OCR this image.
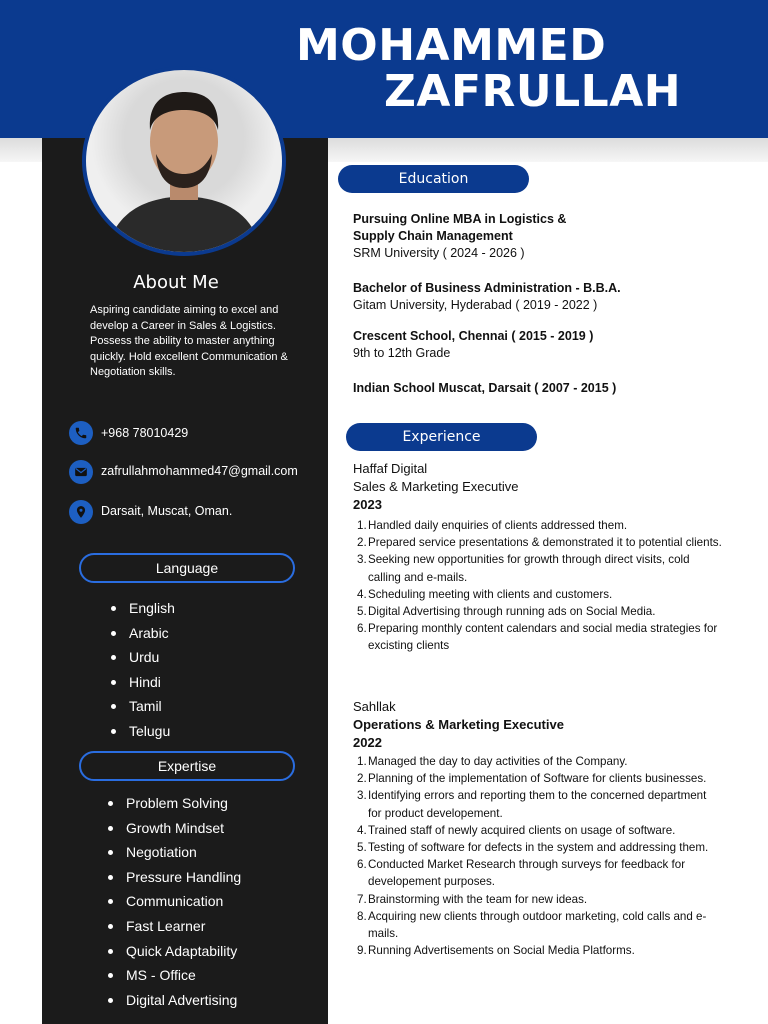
MOHAMMED
ZAFRULLAH
About Me
Aspiring candidate aiming to excel and develop a Career in Sales & Logistics. Possess the ability to master anything quickly. Hold excellent Communication & Negotiation skills.
+968 78010429
zafrullahmohammed47@gmail.com
Darsait, Muscat, Oman.
Language
English
Arabic
Urdu
Hindi
Tamil
Telugu
Expertise
Problem Solving
Growth Mindset
Negotiation
Pressure Handling
Communication
Fast Learner
Quick Adaptability
MS - Office
Digital Advertising
Education
Pursuing Online MBA in Logistics &
Supply Chain Management
SRM University ( 2024 - 2026 )
Bachelor of Business Administration - B.B.A.
Gitam University, Hyderabad ( 2019 - 2022 )
Crescent School, Chennai ( 2015 - 2019 )
9th to 12th Grade
Indian School Muscat, Darsait ( 2007 - 2015 )
Experience
Haffaf Digital
Sales & Marketing Executive
2023
1. Handled daily enquiries of clients addressed them.
2. Prepared service presentations & demonstrated it to potential clients.
3. Seeking new opportunities for growth through direct visits, cold calling and e-mails.
4. Scheduling meeting with clients and customers.
5. Digital Advertising through running ads on Social Media.
6. Preparing monthly content calendars and social media strategies for excisting clients
Sahllak
Operations & Marketing Executive
2022
1. Managed the day to day activities of the Company.
2. Planning of the implementation of Software for clients businesses.
3. Identifying errors and reporting them to the concerned department for product developement.
4. Trained staff of newly acquired clients on usage of software.
5. Testing of software for defects in the system and addressing them.
6. Conducted Market Research through surveys for feedback for developement purposes.
7. Brainstorming with the team for new ideas.
8. Acquiring new clients through outdoor marketing, cold calls and e-mails.
9. Running Advertisements on Social Media Platforms.
